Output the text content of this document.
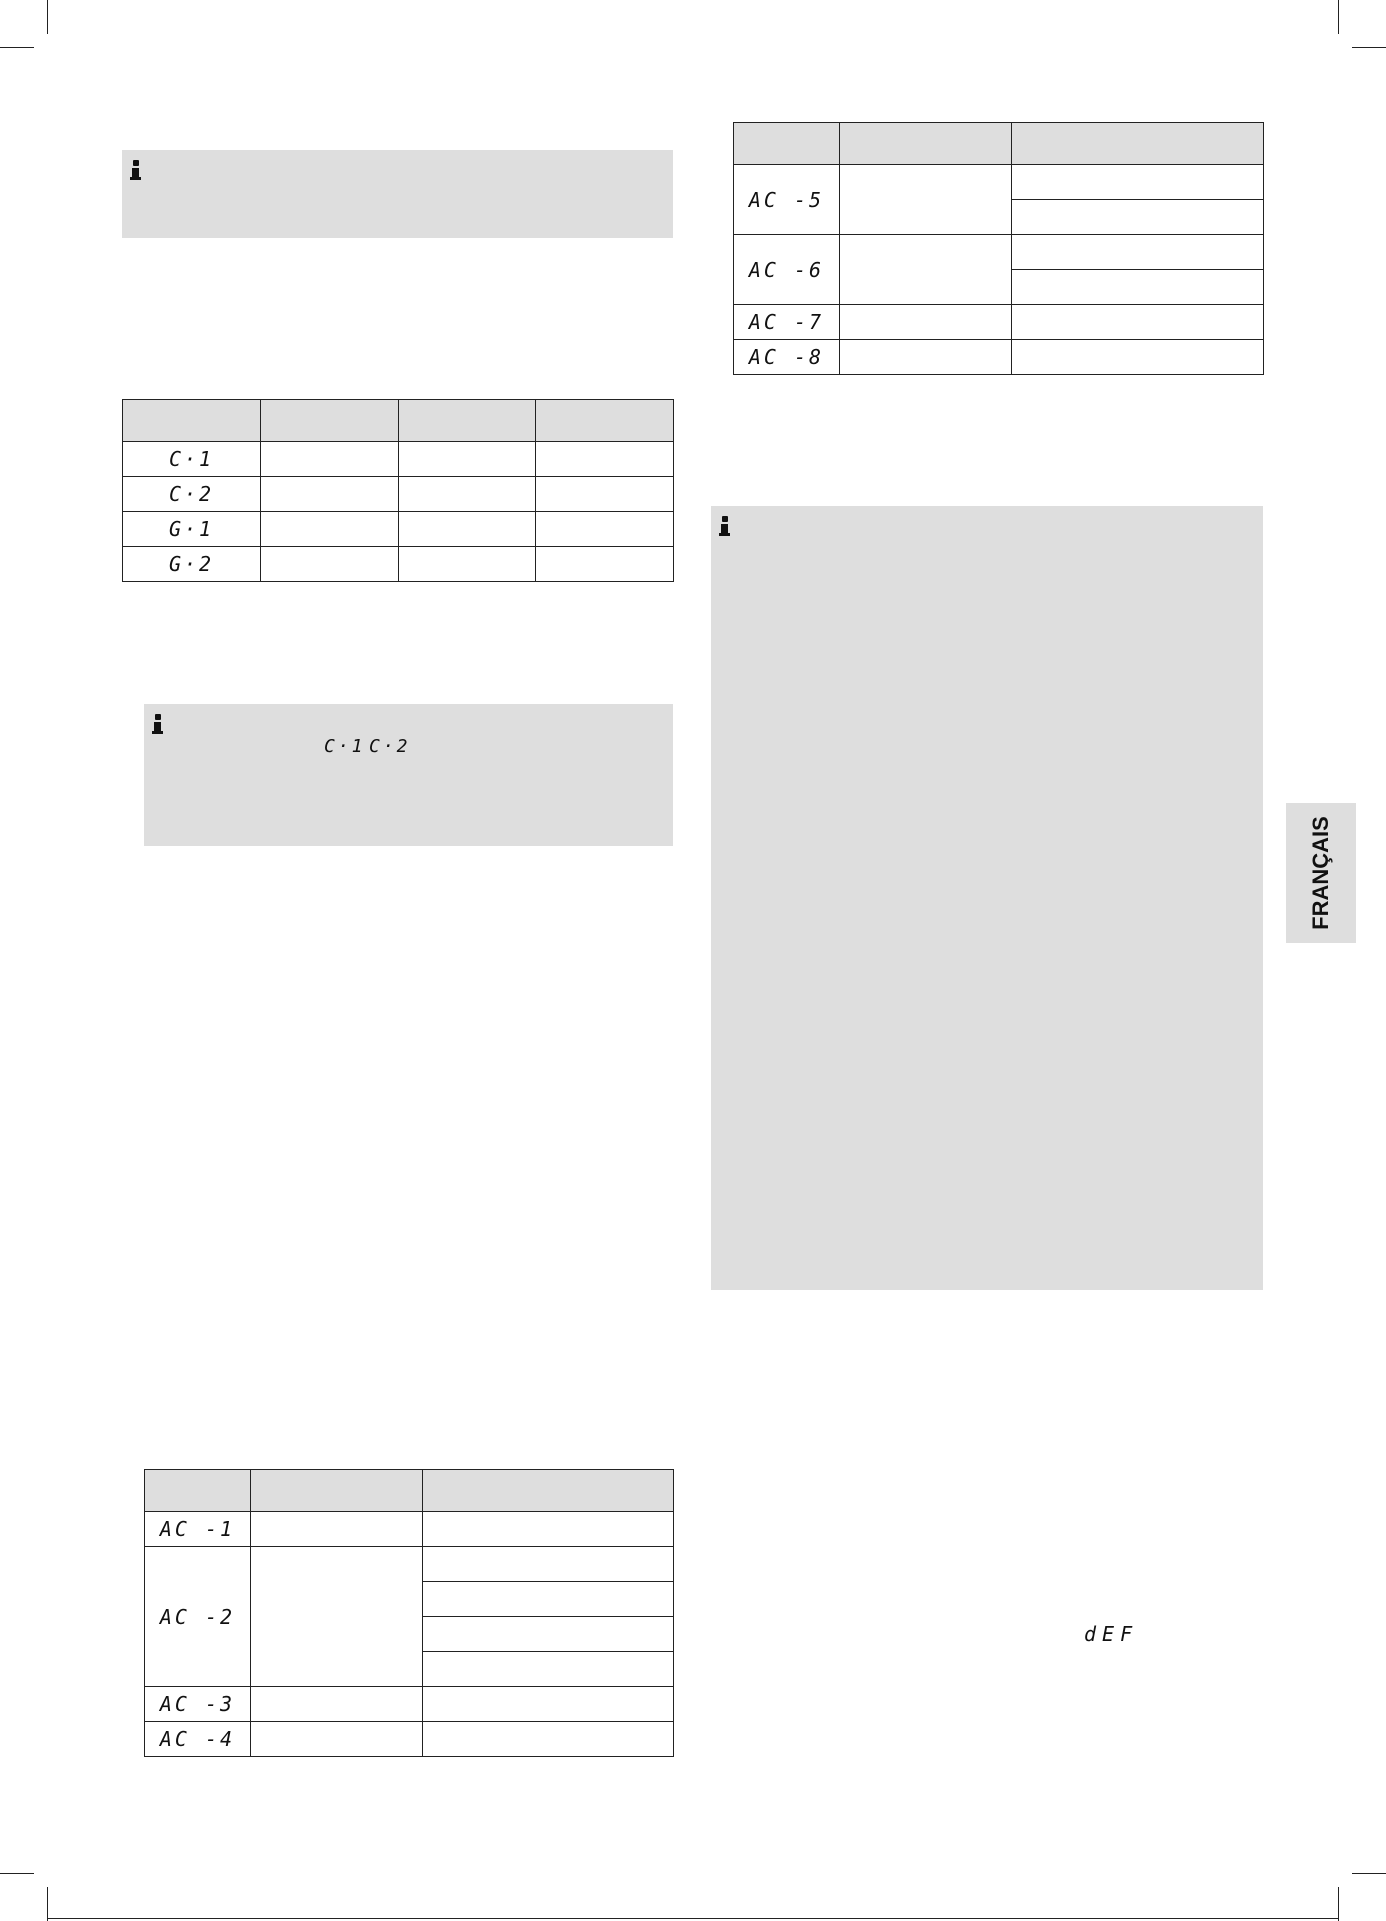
C·1			
C·2			
G·1			
G·2			
C·1 C·2

AC -1		
AC -2		

AC -3		
AC -4		

AC -5		

AC -6		

AC -7		
AC -8		
dEF
FRANÇAIS
